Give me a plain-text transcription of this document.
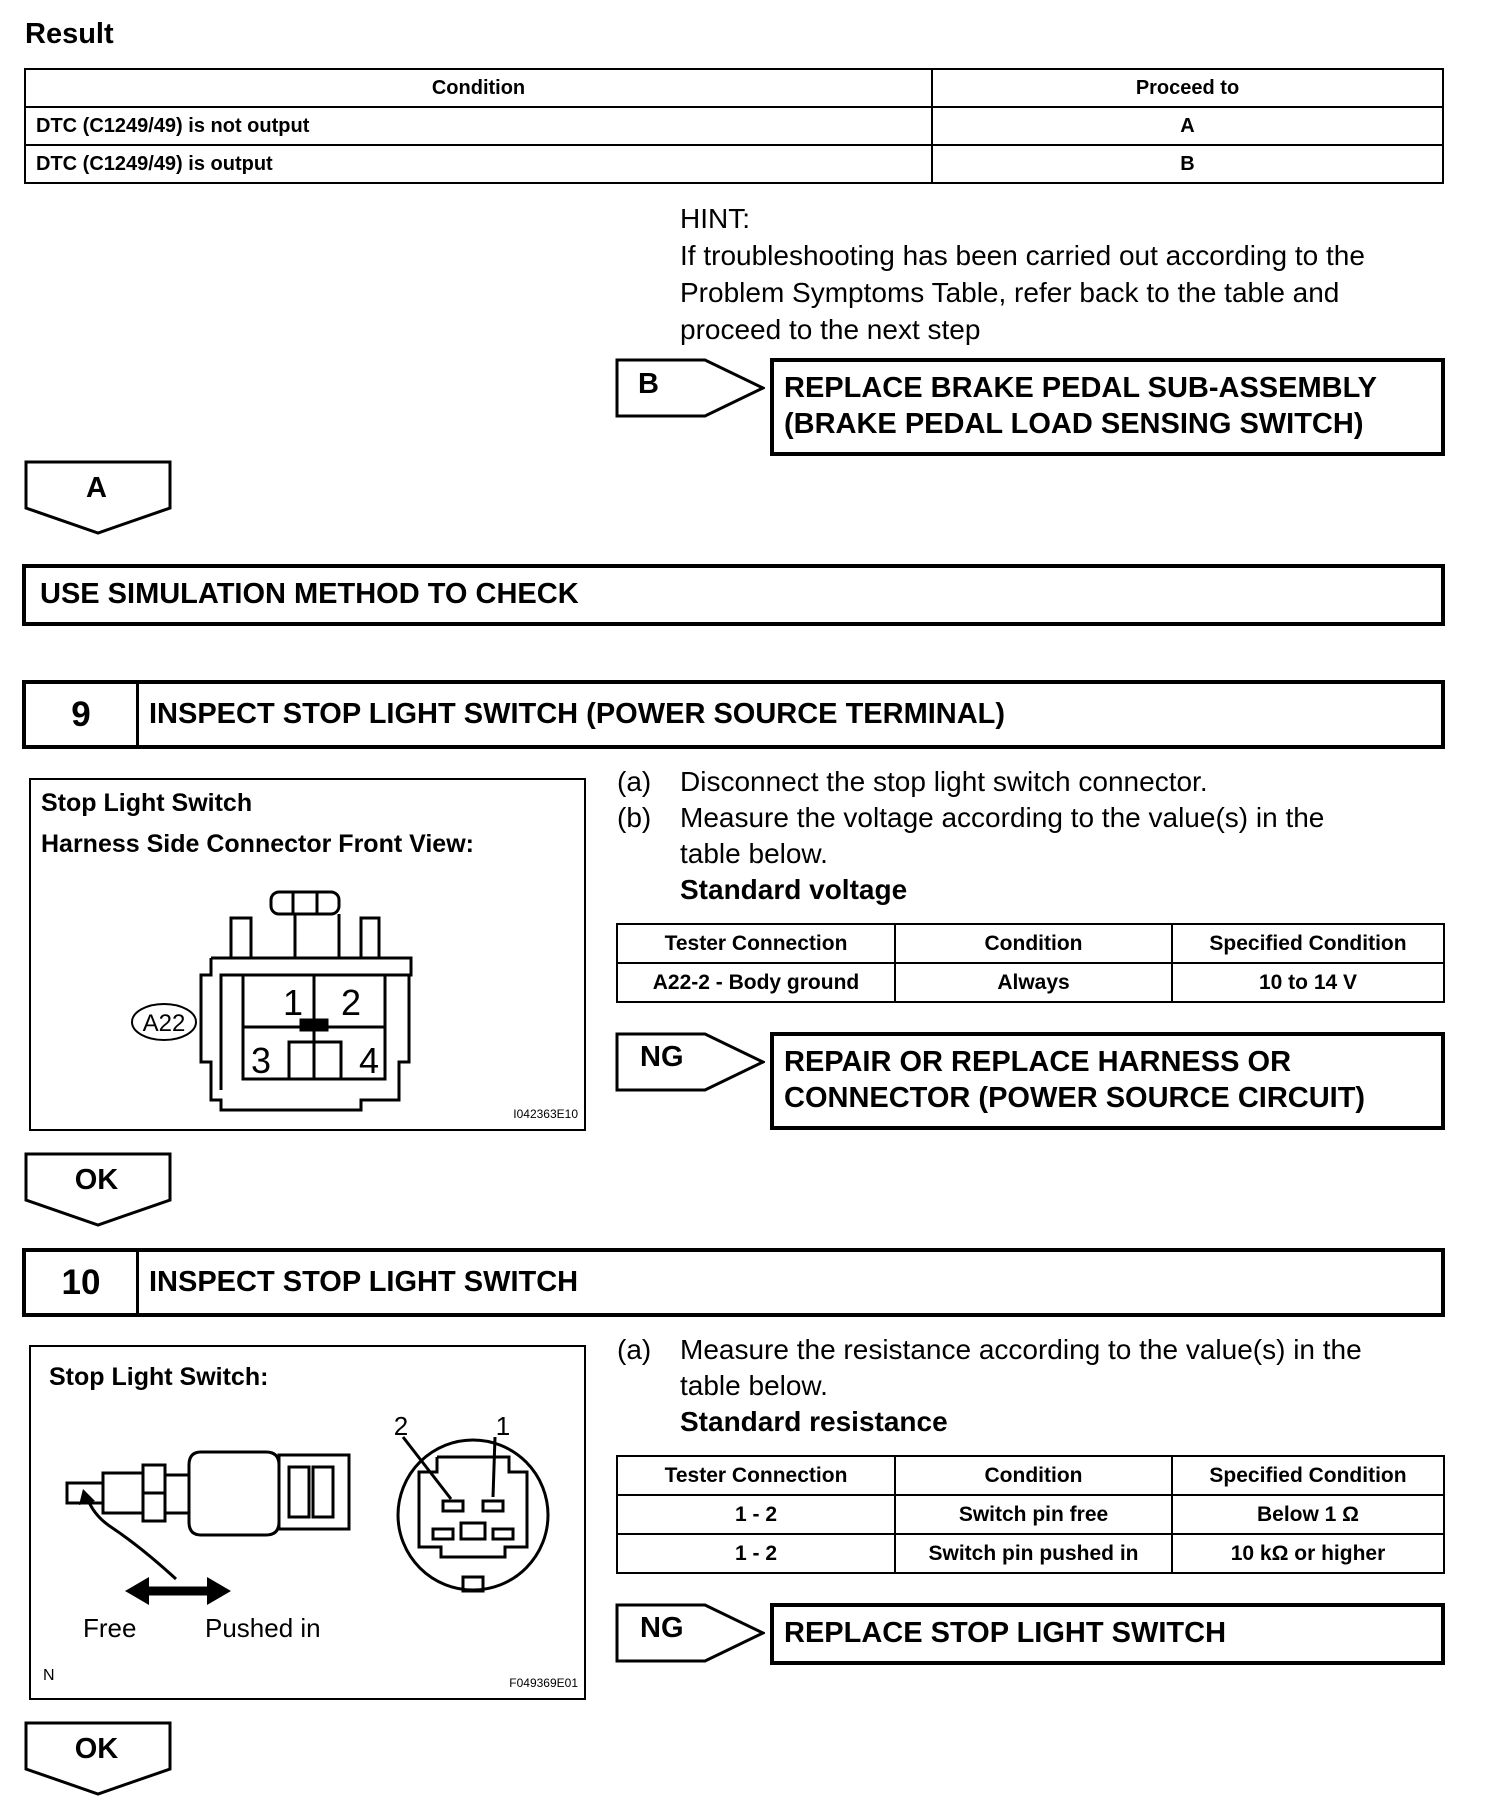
Result
Condition	Proceed to
DTC (C1249/49) is not output	A
DTC (C1249/49) is output	B
HINT:
If troubleshooting has been carried out according to the
Problem Symptoms Table, refer back to the table and
proceed to the next step
B	REPLACE BRAKE PEDAL SUB-ASSEMBLY
(BRAKE PEDAL LOAD SENSING SWITCH)
A
USE SIMULATION METHOD TO CHECK
9	INSPECT STOP LIGHT SWITCH (POWER SOURCE TERMINAL)
Stop Light Switch
Harness Side Connector Front View:
1 2
3 4
A22
I042363E10
(a) Disconnect the stop light switch connector.
(b) Measure the voltage according to the value(s) in the
table below.
Standard voltage
Tester Connection	Condition	Specified Condition
A22-2 - Body ground	Always	10 to 14 V
NG	REPAIR OR REPLACE HARNESS OR
CONNECTOR (POWER SOURCE CIRCUIT)
OK
10	INSPECT STOP LIGHT SWITCH
Stop Light Switch:
2	1
Free	Pushed in
N	F049369E01
(a) Measure the resistance according to the value(s) in the
table below.
Standard resistance
Tester Connection	Condition	Specified Condition
1 - 2	Switch pin free	Below 1 Ω
1 - 2	Switch pin pushed in	10 kΩ or higher
NG	REPLACE STOP LIGHT SWITCH
OK
